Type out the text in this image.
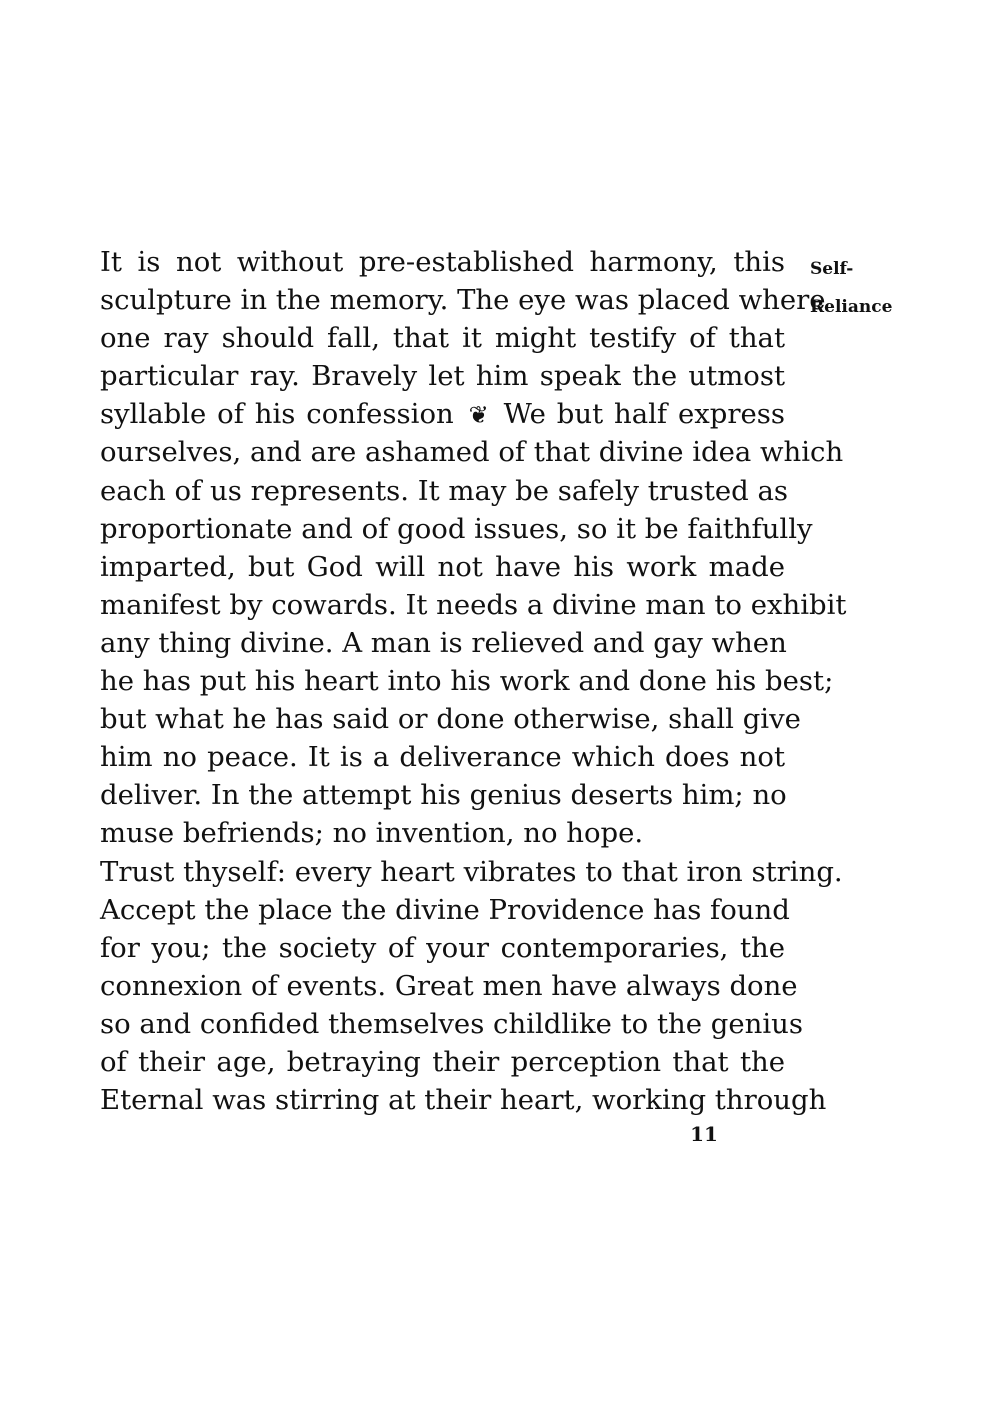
Self-
Reliance
It is not without pre-established harmony, this
sculpture in the memory. The eye was placed where
one ray should fall, that it might testify of that
particular ray. Bravely let him speak the utmost
syllable of his confession ❦ We but half express
ourselves, and are ashamed of that divine idea which
each of us represents. It may be safely trusted as
proportionate and of good issues, so it be faithfully
imparted, but God will not have his work made
manifest by cowards. It needs a divine man to exhibit
any thing divine. A man is relieved and gay when
he has put his heart into his work and done his best;
but what he has said or done otherwise, shall give
him no peace. It is a deliverance which does not
deliver. In the attempt his genius deserts him; no
muse befriends; no invention, no hope.
Trust thyself: every heart vibrates to that iron string.
Accept the place the divine Providence has found
for you; the society of your contemporaries, the
connexion of events. Great men have always done
so and confided themselves childlike to the genius
of their age, betraying their perception that the
Eternal was stirring at their heart, working through
11
